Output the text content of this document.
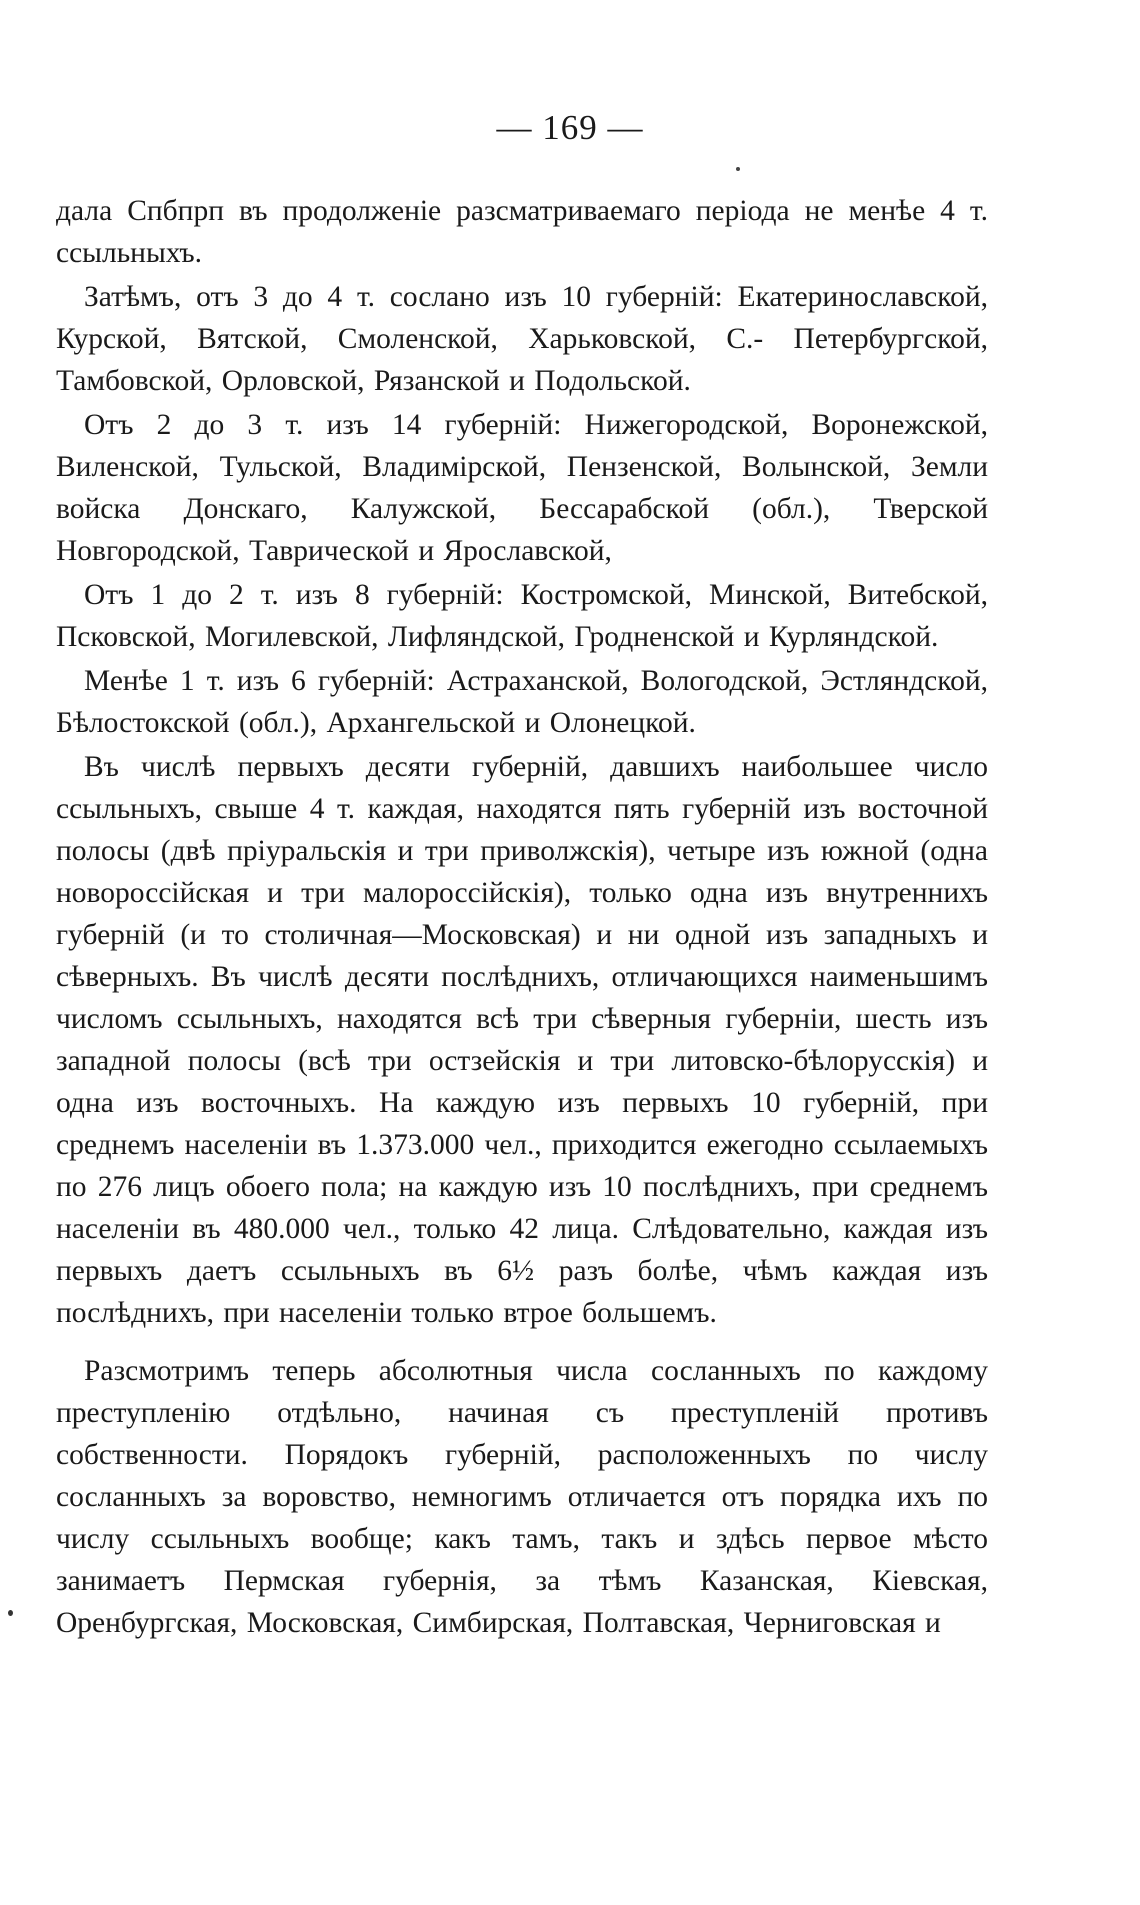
— 169 —

дала Спбпрп въ продолженіе разсматриваемаго періода не менѣе 4 т. ссыльныхъ.

Затѣмъ, отъ 3 до 4 т. сослано изъ 10 губерній: Екатеринославской, Курской, Вятской, Смоленской, Харьковской, С.- Петербургской, Тамбовской, Орловской, Рязанской и Подольской.

Отъ 2 до 3 т. изъ 14 губерній: Нижегородской, Воронежской, Виленской, Тульской, Владимірской, Пензенской, Волынской, Земли войска Донскаго, Калужской, Бессарабской (обл.), Тверской Новгородской, Таврической и Ярославской,

Отъ 1 до 2 т. изъ 8 губерній: Костромской, Минской, Витебской, Псковской, Могилевской, Лифляндской, Гродненской и Курляндской.

Менѣе 1 т. изъ 6 губерній: Астраханской, Вологодской, Эстляндской, Бѣлостокской (обл.), Архангельской и Олонецкой.

Въ числѣ первыхъ десяти губерній, давшихъ наибольшее число ссыльныхъ, свыше 4 т. каждая, находятся пять губерній изъ восточной полосы (двѣ пріуральскія и три приволжскія), четыре изъ южной (одна новороссійская и три малороссійскія), только одна изъ внутреннихъ губерній (и то столичная—Московская) и ни одной изъ западныхъ и сѣверныхъ. Въ числѣ десяти послѣднихъ, отличающихся наименьшимъ числомъ ссыльныхъ, находятся всѣ три сѣверныя губерніи, шесть изъ западной полосы (всѣ три остзейскія и три литовско-бѣлорусскія) и одна изъ восточныхъ. На каждую изъ первыхъ 10 губерній, при среднемъ населеніи въ 1.373.000 чел., приходится ежегодно ссылаемыхъ по 276 лицъ обоего пола; на каждую изъ 10 послѣднихъ, при среднемъ населеніи въ 480.000 чел., только 42 лица. Слѣдовательно, каждая изъ первыхъ даетъ ссыльныхъ въ 6½ разъ болѣе, чѣмъ каждая изъ послѣднихъ, при населеніи только втрое большемъ.

Разсмотримъ теперь абсолютныя числа сосланныхъ по каждому преступленію отдѣльно, начиная съ преступленій противъ собственности. Порядокъ губерній, расположенныхъ по числу сосланныхъ за воровство, немногимъ отличается отъ порядка ихъ по числу ссыльныхъ вообще; какъ тамъ, такъ и здѣсь первое мѣсто занимаетъ Пермская губернія, за тѣмъ Казанская, Кіевская, Оренбургская, Московская, Симбирская, Полтавская, Черниговская и
